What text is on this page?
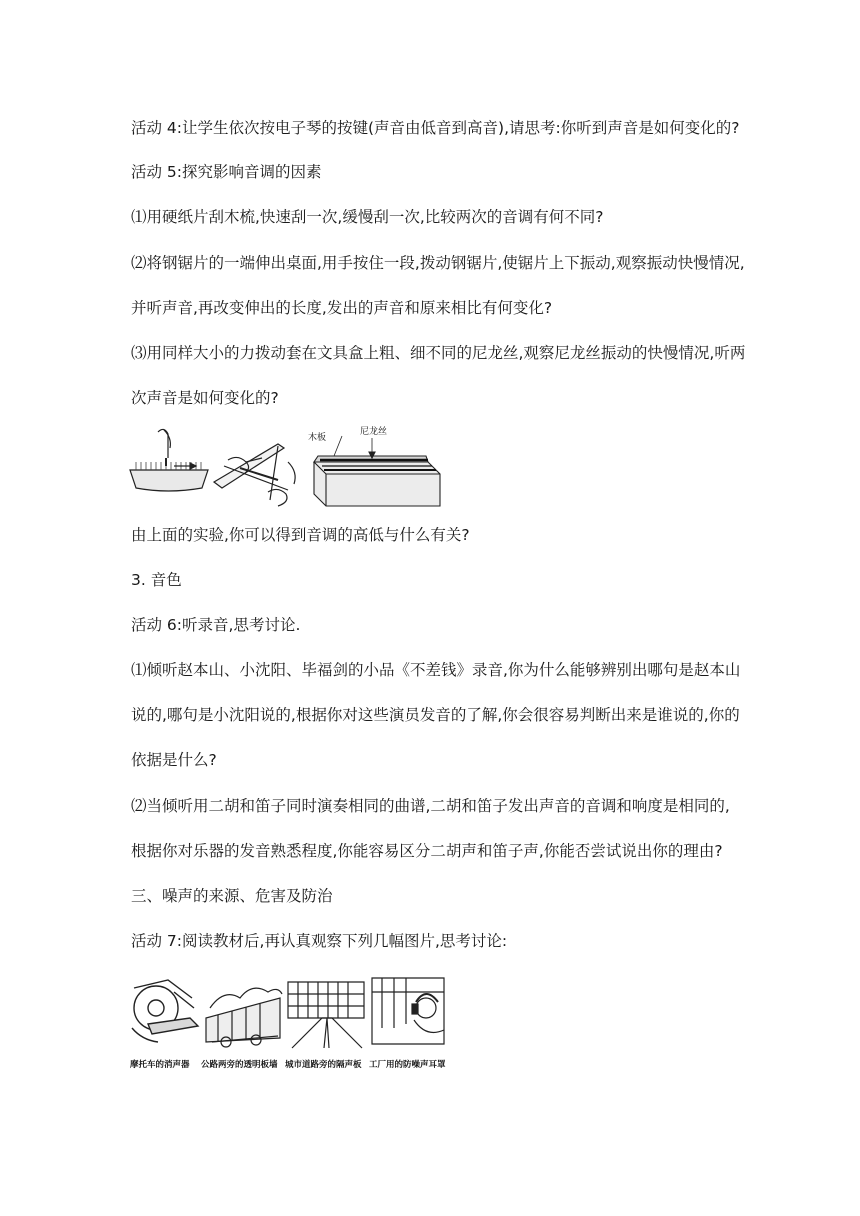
活动 4:让学生依次按电子琴的按键(声音由低音到高音),请思考:你听到声音是如何变化的?
活动 5:探究影响音调的因素
⑴用硬纸片刮木梳,快速刮一次,缓慢刮一次,比较两次的音调有何不同?
⑵将钢锯片的一端伸出桌面,用手按住一段,拨动钢锯片,使锯片上下振动,观察振动快慢情况,
并听声音,再改变伸出的长度,发出的声音和原来相比有何变化?
⑶用同样大小的力拨动套在文具盒上粗、细不同的尼龙丝,观察尼龙丝振动的快慢情况,听两
次声音是如何变化的?
木板
尼龙丝
由上面的实验,你可以得到音调的高低与什么有关?
3. 音色
活动 6:听录音,思考讨论.
⑴倾听赵本山、小沈阳、毕福剑的小品《不差钱》录音,你为什么能够辨别出哪句是赵本山
说的,哪句是小沈阳说的,根据你对这些演员发音的了解,你会很容易判断出来是谁说的,你的
依据是什么?
⑵当倾听用二胡和笛子同时演奏相同的曲谱,二胡和笛子发出声音的音调和响度是相同的,
根据你对乐器的发音熟悉程度,你能容易区分二胡声和笛子声,你能否尝试说出你的理由?
三、噪声的来源、危害及防治
活动 7:阅读教材后,再认真观察下列几幅图片,思考讨论:
摩托车的消声器 公路两旁的透明板墙 城市道路旁的隔声板 工厂用的防噪声耳罩
